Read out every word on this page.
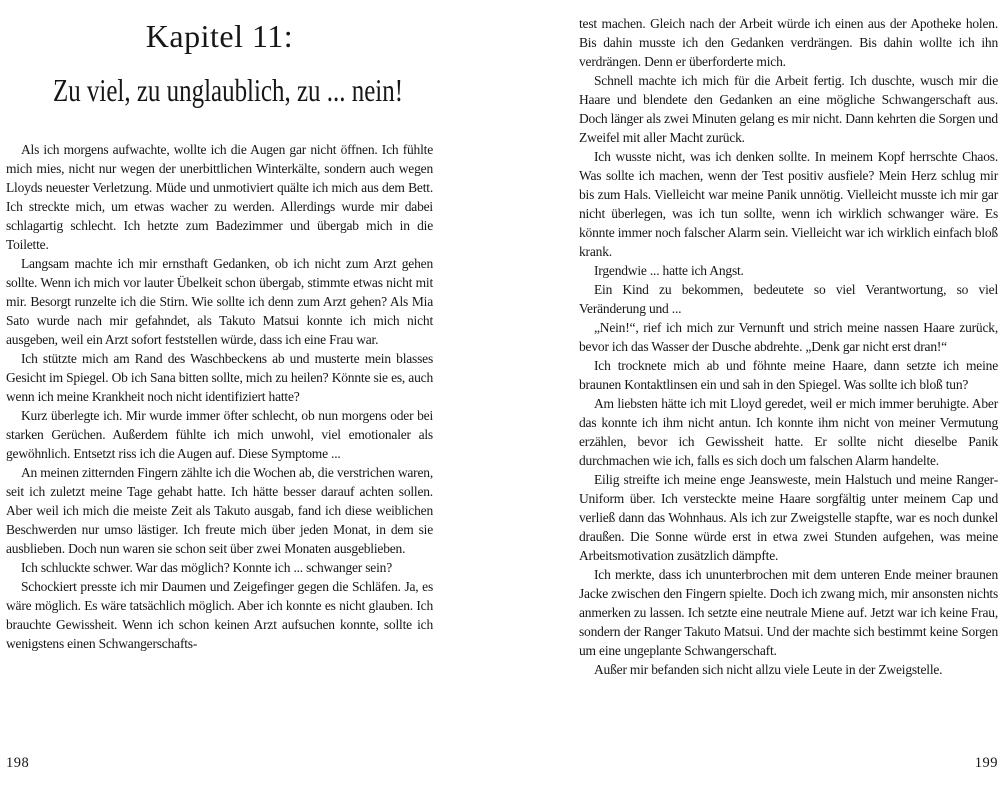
Kapitel 11:
Zu viel, zu unglaublich, zu ... nein!

Als ich morgens aufwachte, wollte ich die Augen gar nicht öffnen. Ich fühlte mich mies, nicht nur wegen der unerbittlichen Winterkälte, sondern auch wegen Lloyds neuester Verletzung. Müde und unmotiviert quälte ich mich aus dem Bett. Ich streckte mich, um etwas wacher zu werden. Allerdings wurde mir dabei schlagartig schlecht. Ich hetzte zum Badezimmer und übergab mich in die Toilette.

Langsam machte ich mir ernsthaft Gedanken, ob ich nicht zum Arzt gehen sollte. Wenn ich mich vor lauter Übelkeit schon übergab, stimmte etwas nicht mit mir. Besorgt runzelte ich die Stirn. Wie sollte ich denn zum Arzt gehen? Als Mia Sato wurde nach mir gefahndet, als Takuto Matsui konnte ich mich nicht ausgeben, weil ein Arzt sofort feststellen würde, dass ich eine Frau war.

Ich stützte mich am Rand des Waschbeckens ab und musterte mein blasses Gesicht im Spiegel. Ob ich Sana bitten sollte, mich zu heilen? Könnte sie es, auch wenn ich meine Krankheit noch nicht identifiziert hatte?

Kurz überlegte ich. Mir wurde immer öfter schlecht, ob nun morgens oder bei starken Gerüchen. Außerdem fühlte ich mich unwohl, viel emotionaler als gewöhnlich. Entsetzt riss ich die Augen auf. Diese Symptome ...

An meinen zitternden Fingern zählte ich die Wochen ab, die verstrichen waren, seit ich zuletzt meine Tage gehabt hatte. Ich hätte besser darauf achten sollen. Aber weil ich mich die meiste Zeit als Takuto ausgab, fand ich diese weiblichen Beschwerden nur umso lästiger. Ich freute mich über jeden Monat, in dem sie ausblieben. Doch nun waren sie schon seit über zwei Monaten ausgeblieben.

Ich schluckte schwer. War das möglich? Konnte ich ... schwanger sein?

Schockiert presste ich mir Daumen und Zeigefinger gegen die Schläfen. Ja, es wäre möglich. Es wäre tatsächlich möglich. Aber ich konnte es nicht glauben. Ich brauchte Gewissheit. Wenn ich schon keinen Arzt aufsuchen konnte, sollte ich wenigstens einen Schwangerschafts-

198

test machen. Gleich nach der Arbeit würde ich einen aus der Apotheke holen. Bis dahin musste ich den Gedanken verdrängen. Bis dahin wollte ich ihn verdrängen. Denn er überforderte mich.

Schnell machte ich mich für die Arbeit fertig. Ich duschte, wusch mir die Haare und blendete den Gedanken an eine mögliche Schwangerschaft aus. Doch länger als zwei Minuten gelang es mir nicht. Dann kehrten die Sorgen und Zweifel mit aller Macht zurück.

Ich wusste nicht, was ich denken sollte. In meinem Kopf herrschte Chaos. Was sollte ich machen, wenn der Test positiv ausfiele? Mein Herz schlug mir bis zum Hals. Vielleicht war meine Panik unnötig. Vielleicht musste ich mir gar nicht überlegen, was ich tun sollte, wenn ich wirklich schwanger wäre. Es könnte immer noch falscher Alarm sein. Vielleicht war ich wirklich einfach bloß krank.

Irgendwie ... hatte ich Angst.

Ein Kind zu bekommen, bedeutete so viel Verantwortung, so viel Veränderung und ...

„Nein!“, rief ich mich zur Vernunft und strich meine nassen Haare zurück, bevor ich das Wasser der Dusche abdrehte. „Denk gar nicht erst dran!“

Ich trocknete mich ab und föhnte meine Haare, dann setzte ich meine braunen Kontaktlinsen ein und sah in den Spiegel. Was sollte ich bloß tun?

Am liebsten hätte ich mit Lloyd geredet, weil er mich immer beruhigte. Aber das konnte ich ihm nicht antun. Ich konnte ihm nicht von meiner Vermutung erzählen, bevor ich Gewissheit hatte. Er sollte nicht dieselbe Panik durchmachen wie ich, falls es sich doch um falschen Alarm handelte.

Eilig streifte ich meine enge Jeansweste, mein Halstuch und meine Ranger-Uniform über. Ich versteckte meine Haare sorgfältig unter meinem Cap und verließ dann das Wohnhaus. Als ich zur Zweigstelle stapfte, war es noch dunkel draußen. Die Sonne würde erst in etwa zwei Stunden aufgehen, was meine Arbeitsmotivation zusätzlich dämpfte.

Ich merkte, dass ich ununterbrochen mit dem unteren Ende meiner braunen Jacke zwischen den Fingern spielte. Doch ich zwang mich, mir ansonsten nichts anmerken zu lassen. Ich setzte eine neutrale Miene auf. Jetzt war ich keine Frau, sondern der Ranger Takuto Matsui. Und der machte sich bestimmt keine Sorgen um eine ungeplante Schwangerschaft.

Außer mir befanden sich nicht allzu viele Leute in der Zweigstelle.

199
